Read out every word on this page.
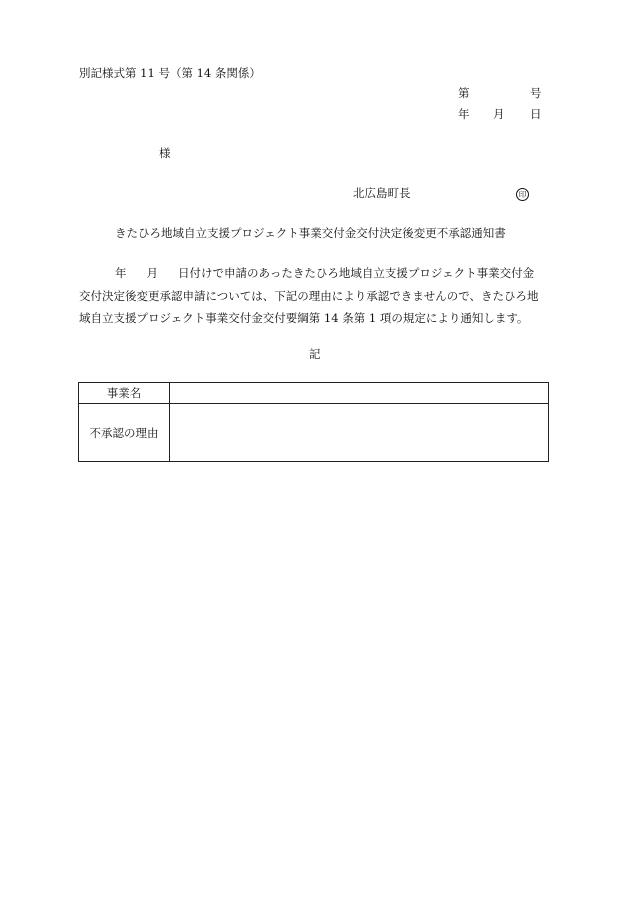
別記様式第 11 号（第 14 条関係）
第	号
年 月 日
様
北広島町長	印
きたひろ地域自立支援プロジェクト事業交付金交付決定後変更不承認通知書
年 月 日付けで申請のあったきたひろ地域自立支援プロジェクト事業交付金
交付決定後変更承認申請については、下記の理由により承認できませんので、きたひろ地
域自立支援プロジェクト事業交付金交付要綱第 14 条第 1 項の規定により通知します。
記
事業名	
不承認の理由	
